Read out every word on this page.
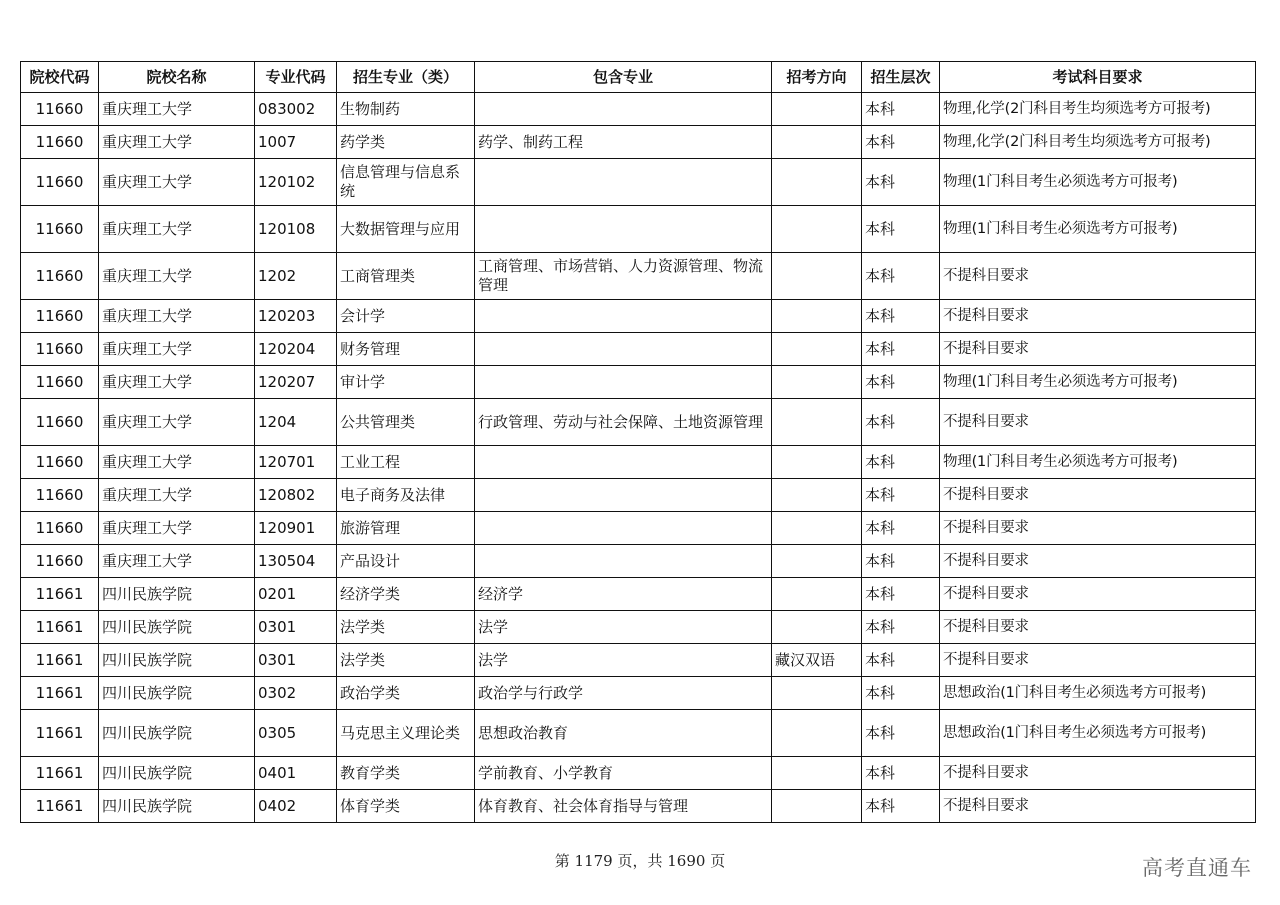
院校代码	院校名称	专业代码	招生专业（类）	包含专业	招考方向	招生层次	考试科目要求
11660	重庆理工大学	083002	生物制药			本科	物理,化学(2门科目考生均须选考方可报考)
11660	重庆理工大学	1007	药学类	药学、制药工程		本科	物理,化学(2门科目考生均须选考方可报考)
11660	重庆理工大学	120102	信息管理与信息系统			本科	物理(1门科目考生必须选考方可报考)
11660	重庆理工大学	120108	大数据管理与应用			本科	物理(1门科目考生必须选考方可报考)
11660	重庆理工大学	1202	工商管理类	工商管理、市场营销、人力资源管理、物流管理		本科	不提科目要求
11660	重庆理工大学	120203	会计学			本科	不提科目要求
11660	重庆理工大学	120204	财务管理			本科	不提科目要求
11660	重庆理工大学	120207	审计学			本科	物理(1门科目考生必须选考方可报考)
11660	重庆理工大学	1204	公共管理类	行政管理、劳动与社会保障、土地资源管理		本科	不提科目要求
11660	重庆理工大学	120701	工业工程			本科	物理(1门科目考生必须选考方可报考)
11660	重庆理工大学	120802	电子商务及法律			本科	不提科目要求
11660	重庆理工大学	120901	旅游管理			本科	不提科目要求
11660	重庆理工大学	130504	产品设计			本科	不提科目要求
11661	四川民族学院	0201	经济学类	经济学		本科	不提科目要求
11661	四川民族学院	0301	法学类	法学		本科	不提科目要求
11661	四川民族学院	0301	法学类	法学	藏汉双语	本科	不提科目要求
11661	四川民族学院	0302	政治学类	政治学与行政学		本科	思想政治(1门科目考生必须选考方可报考)
11661	四川民族学院	0305	马克思主义理论类	思想政治教育		本科	思想政治(1门科目考生必须选考方可报考)
11661	四川民族学院	0401	教育学类	学前教育、小学教育		本科	不提科目要求
11661	四川民族学院	0402	体育学类	体育教育、社会体育指导与管理		本科	不提科目要求
第 1179 页，共 1690 页	高考直通车
